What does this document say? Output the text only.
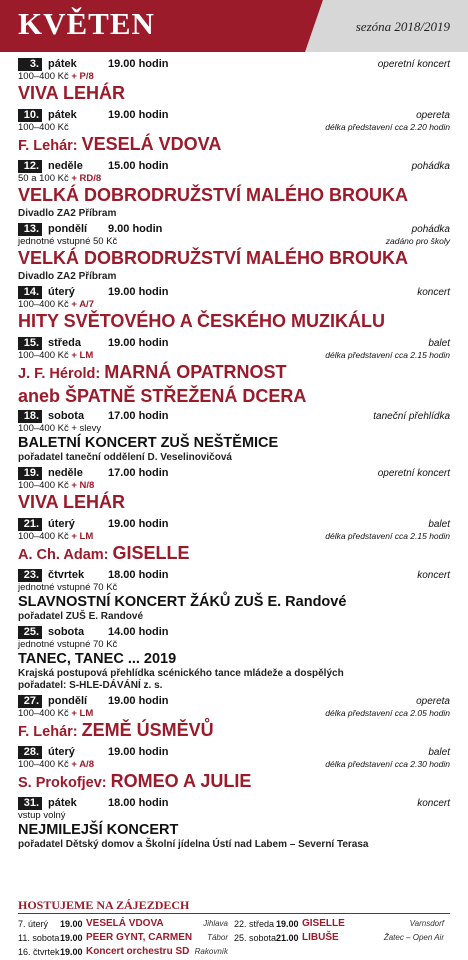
KVĚTEN	sezóna 2018/2019
3. pátek	19.00 hodin	operetní koncert
100–400 Kč + P/8
VIVA LEHÁR
10. pátek	19.00 hodin	opereta
100–400 Kč	délka představení cca 2.20 hodin
F. Lehár: VESELÁ VDOVA
12. neděle 15.00 hodin	pohádka
50 a 100 Kč + RD/8
VELKÁ DOBRODRUŽSTVÍ MALÉHO BROUKA
Divadlo ZA2 Příbram
13. pondělí 9.00 hodin	pohádka
jednotné vstupné 50 Kč	zadáno pro školy
VELKÁ DOBRODRUŽSTVÍ MALÉHO BROUKA
Divadlo ZA2 Příbram
14. úterý	19.00 hodin	koncert
100–400 Kč + A/7
HITY SVĚTOVÉHO A ČESKÉHO MUZIKÁLU
15. středa 19.00 hodin	balet
100–400 Kč + LM	délka představení cca 2.15 hodin
J. F. Hérold: MARNÁ OPATRNOST
aneb ŠPATNĚ STŘEŽENÁ DCERA
18. sobota 17.00 hodin	taneční přehlídka
100–400 Kč + slevy
BALETNÍ KONCERT ZUŠ NEŠTĚMICE
pořadatel taneční oddělení D. Veselinovičová
19. neděle 17.00 hodin	operetní koncert
100–400 Kč + N/8
VIVA LEHÁR
21. úterý	19.00 hodin	balet
100–400 Kč + LM	délka představení cca 2.15 hodin
A. Ch. Adam: GISELLE
23. čtvrtek 18.00 hodin	koncert
jednotné vstupné 70 Kč
SLAVNOSTNÍ KONCERT ŽÁKŮ ZUŠ E. Randové
pořadatel ZUŠ E. Randové
25. sobota 14.00 hodin
jednotné vstupné 70 Kč
TANEC, TANEC ... 2019
Krajská postupová přehlídka scénického tance mládeže a dospělých
pořadatel: S-HLE-DÁVÁNÍ z. s.
27. pondělí 19.00 hodin	opereta
100–400 Kč + LM	délka představení cca 2.05 hodin
F. Lehár: ZEMĚ ÚSMĚVŮ
28. úterý	19.00 hodin	balet
100–400 Kč + A/8	délka představení cca 2.30 hodin
S. Prokofjev: ROMEO A JULIE
31. pátek	18.00 hodin	koncert
vstup volný
NEJMILEJŠÍ KONCERT
pořadatel Dětský domov a Školní jídelna Ústí nad Labem – Severní Terasa
HOSTUJEME NA ZÁJEZDECH
7. úterý	19.00 VESELÁ VDOVA	Jihlava
11. sobota 19.00 PEER GYNT, CARMEN Tábor
16. čtvrtek 19.00 Koncert orchestru SD Rakovník
22. středa 19.00 GISELLE	Varnsdorf
25. sobota 21.00 LIBUŠE	Žatec – Open Air
